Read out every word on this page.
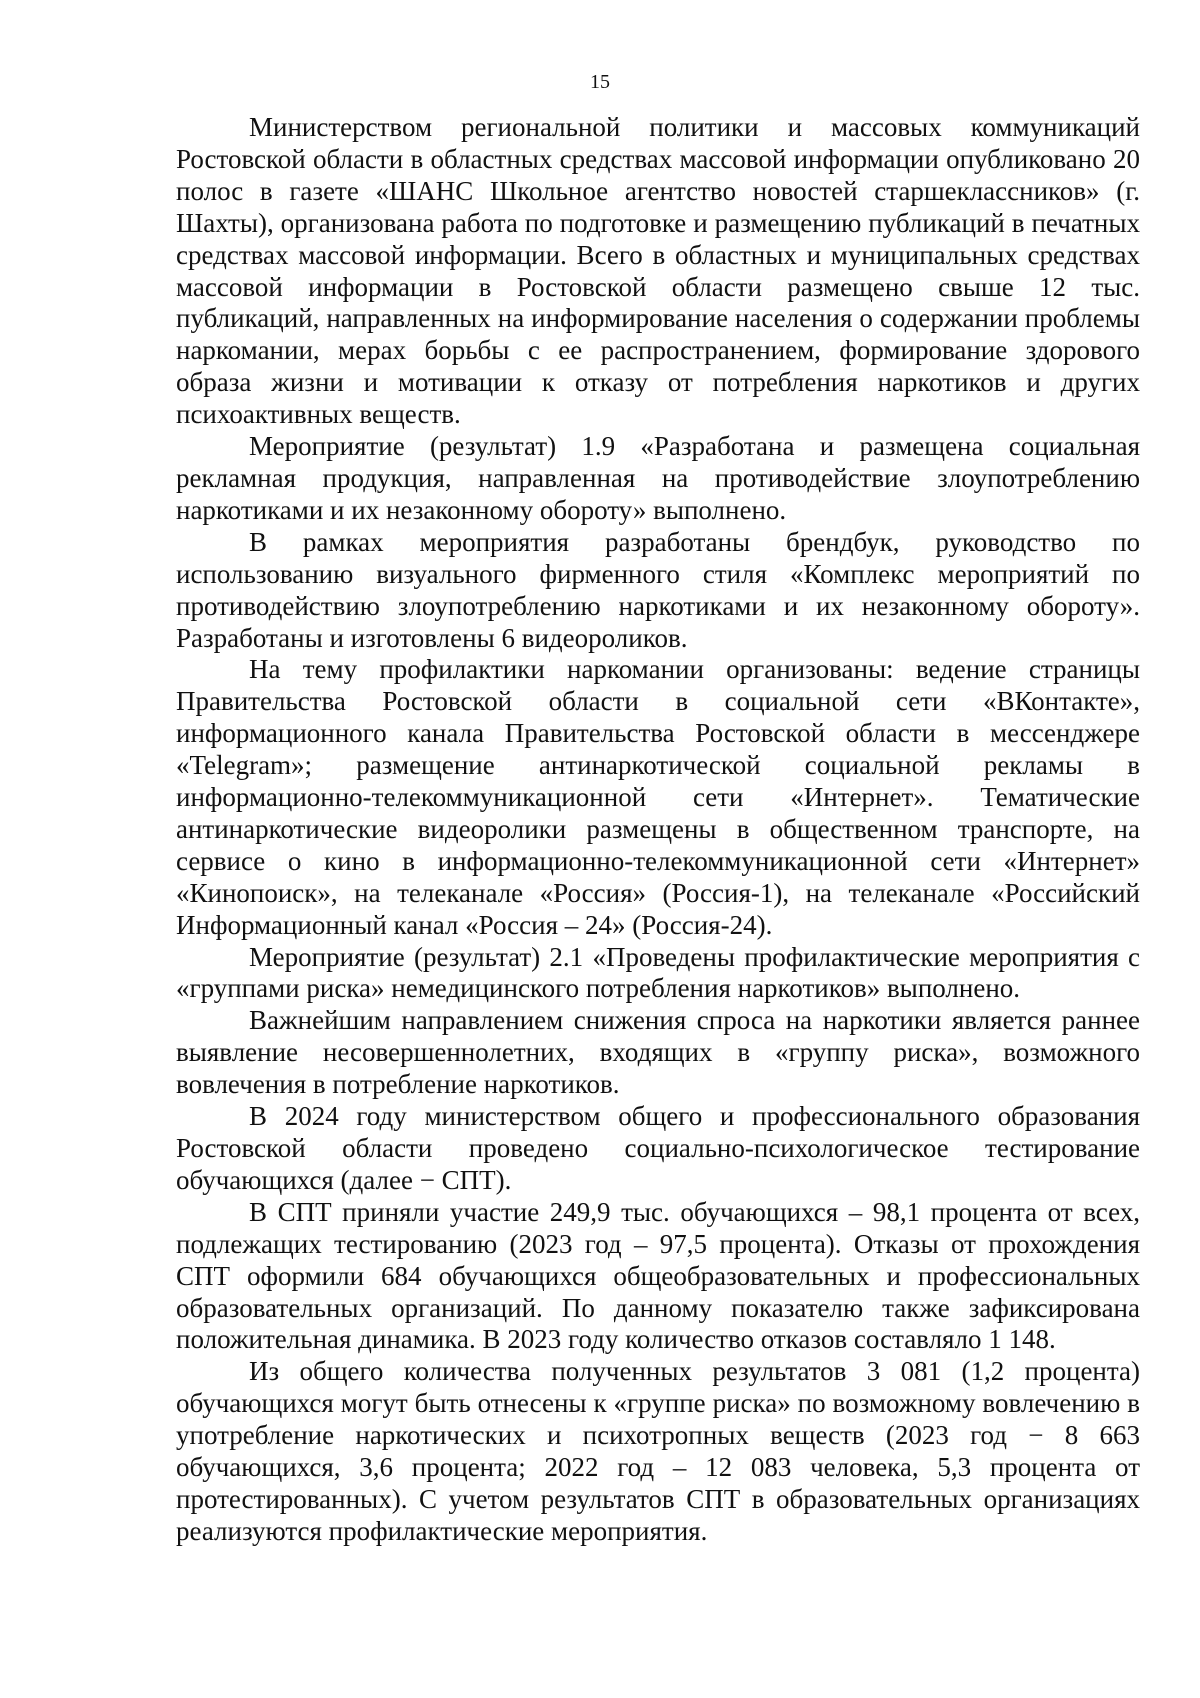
15

Министерством региональной политики и массовых коммуникаций Ростовской области в областных средствах массовой информации опубликовано 20 полос в газете «ШАНС Школьное агентство новостей старшеклассников» (г. Шахты), организована работа по подготовке и размещению публикаций в печатных средствах массовой информации. Всего в областных и муниципальных средствах массовой информации в Ростовской области размещено свыше 12 тыс. публикаций, направленных на информирование населения о содержании проблемы наркомании, мерах борьбы с ее распространением, формирование здорового образа жизни и мотивации к отказу от потребления наркотиков и других психоактивных веществ.

Мероприятие (результат) 1.9 «Разработана и размещена социальная рекламная продукция, направленная на противодействие злоупотреблению наркотиками и их незаконному обороту» выполнено.

В рамках мероприятия разработаны брендбук, руководство по использованию визуального фирменного стиля «Комплекс мероприятий по противодействию злоупотреблению наркотиками и их незаконному обороту». Разработаны и изготовлены 6 видеороликов.

На тему профилактики наркомании организованы: ведение страницы Правительства Ростовской области в социальной сети «ВКонтакте», информационного канала Правительства Ростовской области в мессенджере «Telegram»; размещение антинаркотической социальной рекламы в информационно-телекоммуникационной сети «Интернет». Тематические антинаркотические видеоролики размещены в общественном транспорте, на сервисе о кино в информационно-телекоммуникационной сети «Интернет» «Кинопоиск», на телеканале «Россия» (Россия-1), на телеканале «Российский Информационный канал «Россия – 24» (Россия-24).

Мероприятие (результат) 2.1 «Проведены профилактические мероприятия с «группами риска» немедицинского потребления наркотиков» выполнено.

Важнейшим направлением снижения спроса на наркотики является раннее выявление несовершеннолетних, входящих в «группу риска», возможного вовлечения в потребление наркотиков.

В 2024 году министерством общего и профессионального образования Ростовской области проведено социально-психологическое тестирование обучающихся (далее − СПТ).

В СПТ приняли участие 249,9 тыс. обучающихся – 98,1 процента от всех, подлежащих тестированию (2023 год – 97,5 процента). Отказы от прохождения СПТ оформили 684 обучающихся общеобразовательных и профессиональных образовательных организаций. По данному показателю также зафиксирована положительная динамика. В 2023 году количество отказов составляло 1 148.

Из общего количества полученных результатов 3 081 (1,2 процента) обучающихся могут быть отнесены к «группе риска» по возможному вовлечению в употребление наркотических и психотропных веществ (2023 год − 8 663 обучающихся, 3,6 процента; 2022 год – 12 083 человека, 5,3 процента от протестированных). С учетом результатов СПТ в образовательных организациях реализуются профилактические мероприятия.
